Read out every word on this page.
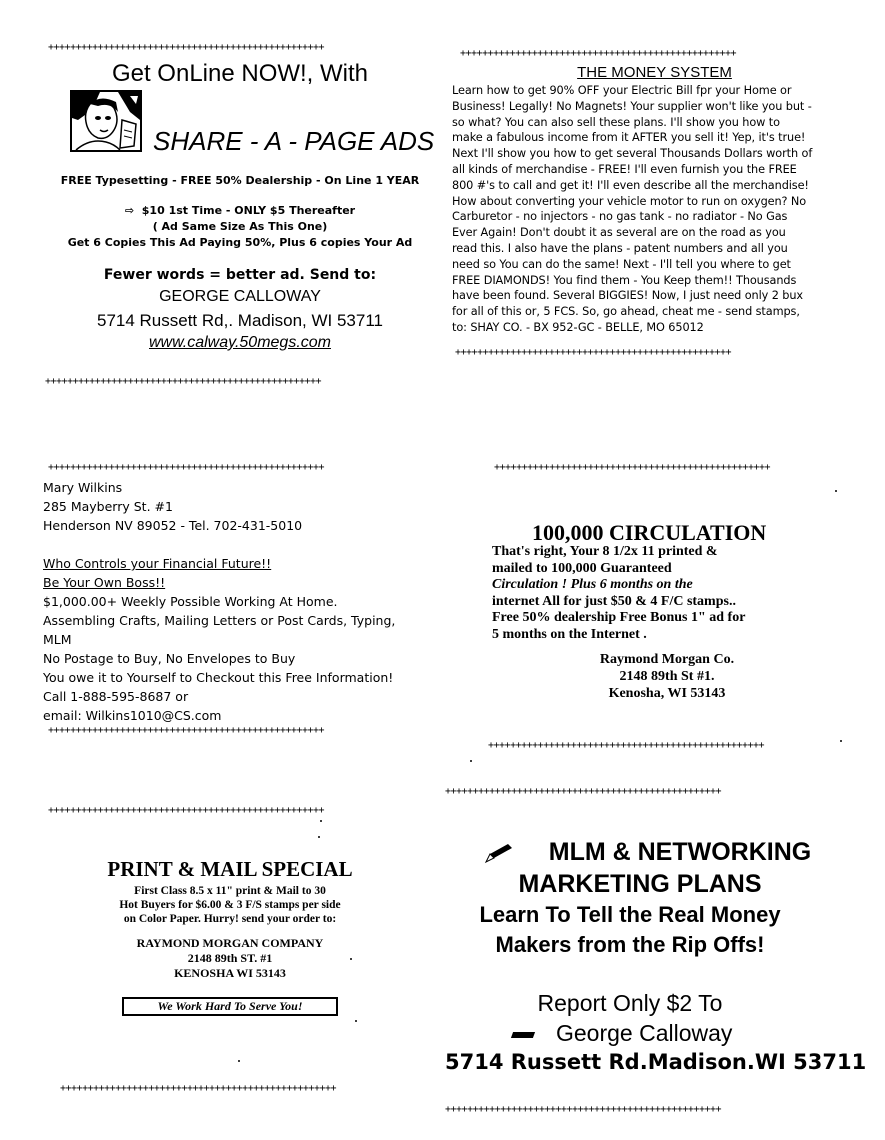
++++++++++++++++++++++++++++++++++++++++++++++++++
++++++++++++++++++++++++++++++++++++++++++++++++++
++++++++++++++++++++++++++++++++++++++++++++++++++
++++++++++++++++++++++++++++++++++++++++++++++++++
++++++++++++++++++++++++++++++++++++++++++++++++++
++++++++++++++++++++++++++++++++++++++++++++++++++
++++++++++++++++++++++++++++++++++++++++++++++++++
++++++++++++++++++++++++++++++++++++++++++++++++++
++++++++++++++++++++++++++++++++++++++++++++++++++
++++++++++++++++++++++++++++++++++++++++++++++++++
++++++++++++++++++++++++++++++++++++++++++++++++++
++++++++++++++++++++++++++++++++++++++++++++++++++
Get OnLine NOW!, With
SHARE - A - PAGE ADS
FREE Typesetting - FREE 50% Dealership - On Line 1 YEAR
⇨ $10 1st Time - ONLY $5 Thereafter
( Ad Same Size As This One)
Get 6 Copies This Ad Paying 50%, Plus 6 copies Your Ad
Fewer words = better ad. Send to:
GEORGE CALLOWAY
5714 Russett Rd,. Madison, WI 53711
www.calway.50megs.com
THE MONEY SYSTEM
Learn how to get 90% OFF your Electric Bill fpr your Home or
Business! Legally! No Magnets! Your supplier won't like you but -
so what? You can also sell these plans. I'll show you how to
make a fabulous income from it AFTER you sell it! Yep, it's true!
Next I'll show you how to get several Thousands Dollars worth of
all kinds of merchandise - FREE! I'll even furnish you the FREE
800 #'s to call and get it! I'll even describe all the merchandise!
How about converting your vehicle motor to run on oxygen? No
Carburetor - no injectors - no gas tank - no radiator - No Gas
Ever Again! Don't doubt it as several are on the road as you
read this. I also have the plans - patent numbers and all you
need so You can do the same! Next - I'll tell you where to get
FREE DIAMONDS! You find them - You Keep them!! Thousands
have been found. Several BIGGIES! Now, I just need only 2 bux
for all of this or, 5 FCS. So, go ahead, cheat me - send stamps,
to: SHAY CO. - BX 952-GC - BELLE, MO 65012
Mary Wilkins
285 Mayberry St. #1
Henderson NV 89052 - Tel. 702-431-5010
Who Controls your Financial Future!!
Be Your Own Boss!!
$1,000.00+ Weekly Possible Working At Home.
Assembling Crafts, Mailing Letters or Post Cards, Typing,
MLM
No Postage to Buy, No Envelopes to Buy
You owe it to Yourself to Checkout this Free Information!
Call 1-888-595-8687 or
email: Wilkins1010@CS.com
100,000 CIRCULATION
That's right, Your 8 1/2x 11 printed &
mailed to 100,000 Guaranteed
Circulation ! Plus 6 months on the
internet All for just $50 & 4 F/C stamps..
Free 50% dealership Free Bonus 1" ad for
5 months on the Internet .
Raymond Morgan Co.
2148 89th St #1.
Kenosha, WI 53143
PRINT & MAIL SPECIAL
First Class 8.5 x 11" print & Mail to 30
Hot Buyers for $6.00 & 3 F/S stamps per side
on Color Paper. Hurry! send your order to:
RAYMOND MORGAN COMPANY
2148 89th ST. #1
KENOSHA WI 53143
We Work Hard To Serve You!
MLM & NETWORKING
MARKETING PLANS
Learn To Tell the Real Money
Makers from the Rip Offs!
Report Only $2 To
George Calloway
5714 Russett Rd.Madison.WI 53711
